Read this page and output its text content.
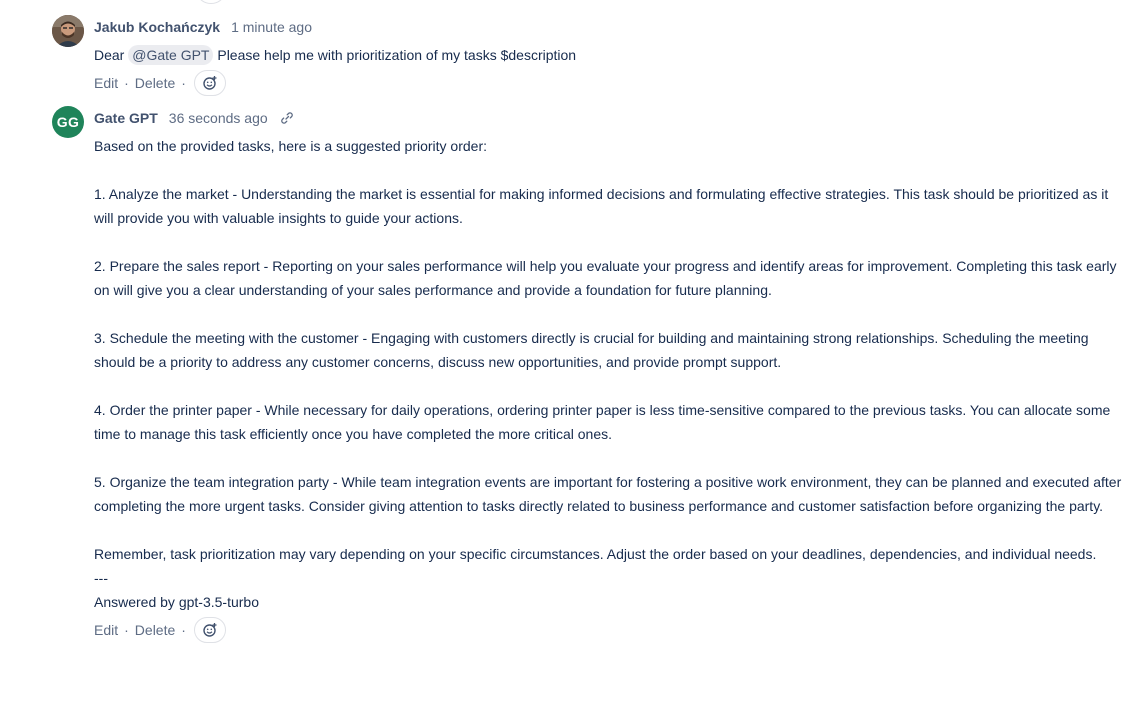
Jakub Kochańczyk 1 minute ago

Dear @Gate GPT Please help me with prioritization of my tasks $description

Edit · Delete ·
GG	Gate GPT 36 seconds ago

Based on the provided tasks, here is a suggested priority order:

1. Analyze the market - Understanding the market is essential for making informed decisions and formulating effective strategies. This task should be prioritized as it will provide you with valuable insights to guide your actions.

2. Prepare the sales report - Reporting on your sales performance will help you evaluate your progress and identify areas for improvement. Completing this task early on will give you a clear understanding of your sales performance and provide a foundation for future planning.

3. Schedule the meeting with the customer - Engaging with customers directly is crucial for building and maintaining strong relationships. Scheduling the meeting should be a priority to address any customer concerns, discuss new opportunities, and provide prompt support.

4. Order the printer paper - While necessary for daily operations, ordering printer paper is less time-sensitive compared to the previous tasks. You can allocate some time to manage this task efficiently once you have completed the more critical ones.

5. Organize the team integration party - While team integration events are important for fostering a positive work environment, they can be planned and executed after completing the more urgent tasks. Consider giving attention to tasks directly related to business performance and customer satisfaction before organizing the party.

Remember, task prioritization may vary depending on your specific circumstances. Adjust the order based on your deadlines, dependencies, and individual needs.

---

Answered by gpt-3.5-turbo

Edit · Delete ·
